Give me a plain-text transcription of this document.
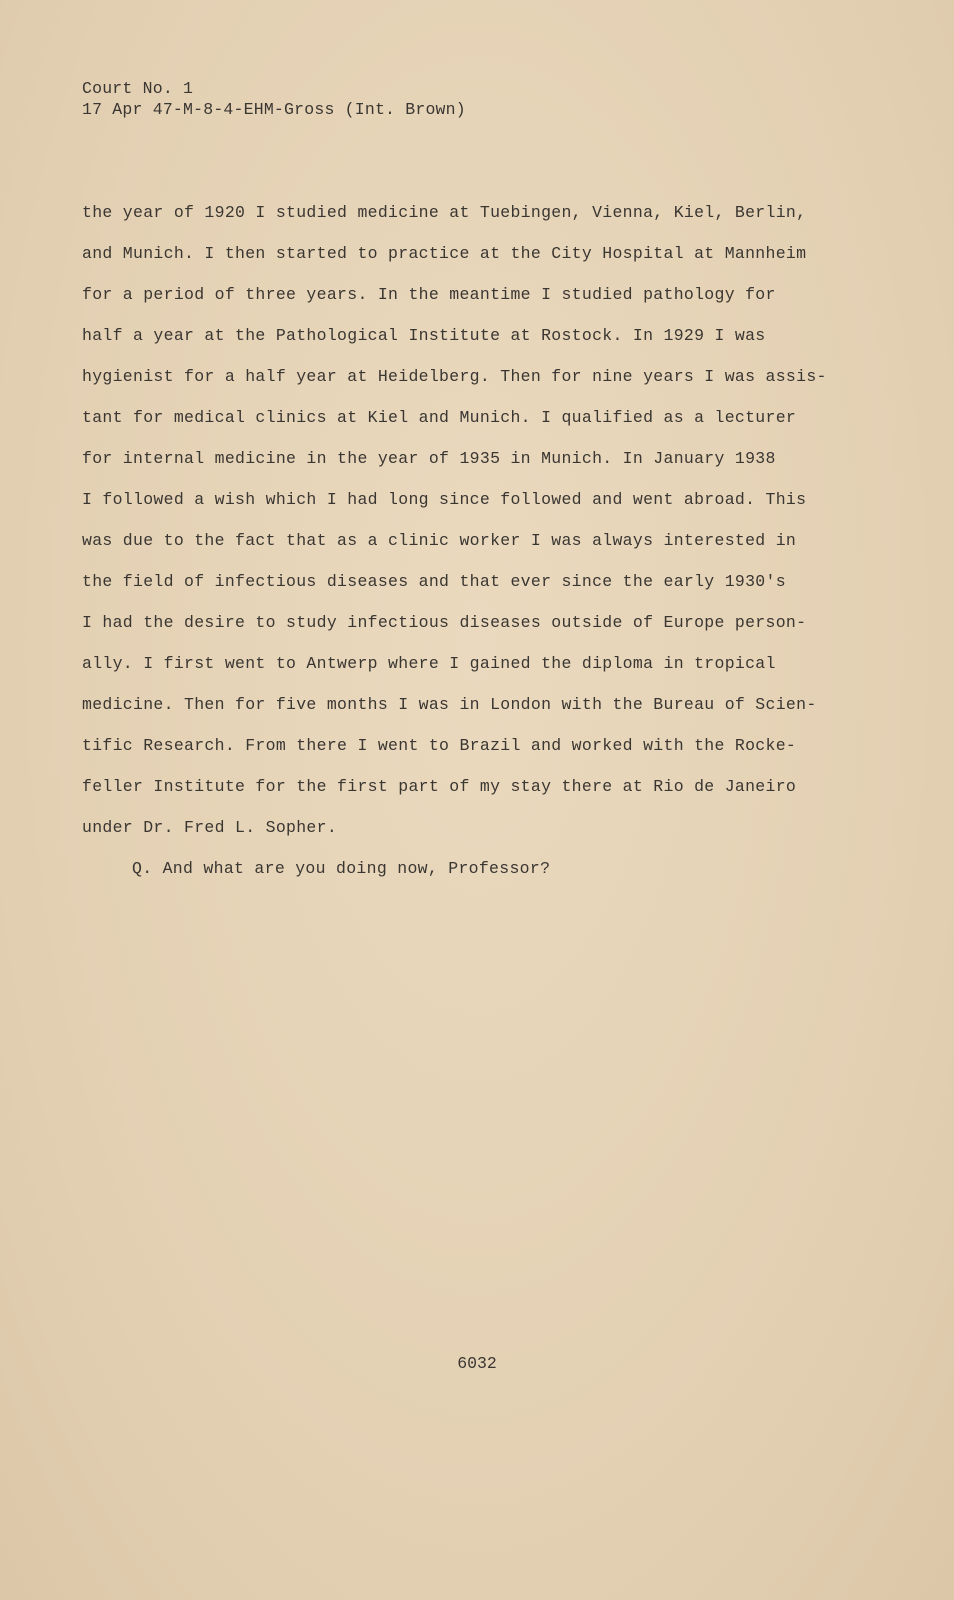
Court No. 1
17 Apr 47-M-8-4-EHM-Gross (Int. Brown)
the year of 1920 I studied medicine at Tuebingen, Vienna, Kiel, Berlin,
and Munich. I then started to practice at the City Hospital at Mannheim
for a period of three years. In the meantime I studied pathology for
half a year at the Pathological Institute at Rostock. In 1929 I was
hygienist for a half year at Heidelberg. Then for nine years I was assis-
tant for medical clinics at Kiel and Munich. I qualified as a lecturer
for internal medicine in the year of 1935 in Munich. In January 1938
I followed a wish which I had long since followed and went abroad. This
was due to the fact that as a clinic worker I was always interested in
the field of infectious diseases and that ever since the early 1930's
I had the desire to study infectious diseases outside of Europe person-
ally. I first went to Antwerp where I gained the diploma in tropical
medicine. Then for five months I was in London with the Bureau of Scien-
tific Research. From there I went to Brazil and worked with the Rocke-
feller Institute for the first part of my stay there at Rio de Janeiro
under Dr. Fred L. Sopher.
Q. And what are you doing now, Professor?
6032
